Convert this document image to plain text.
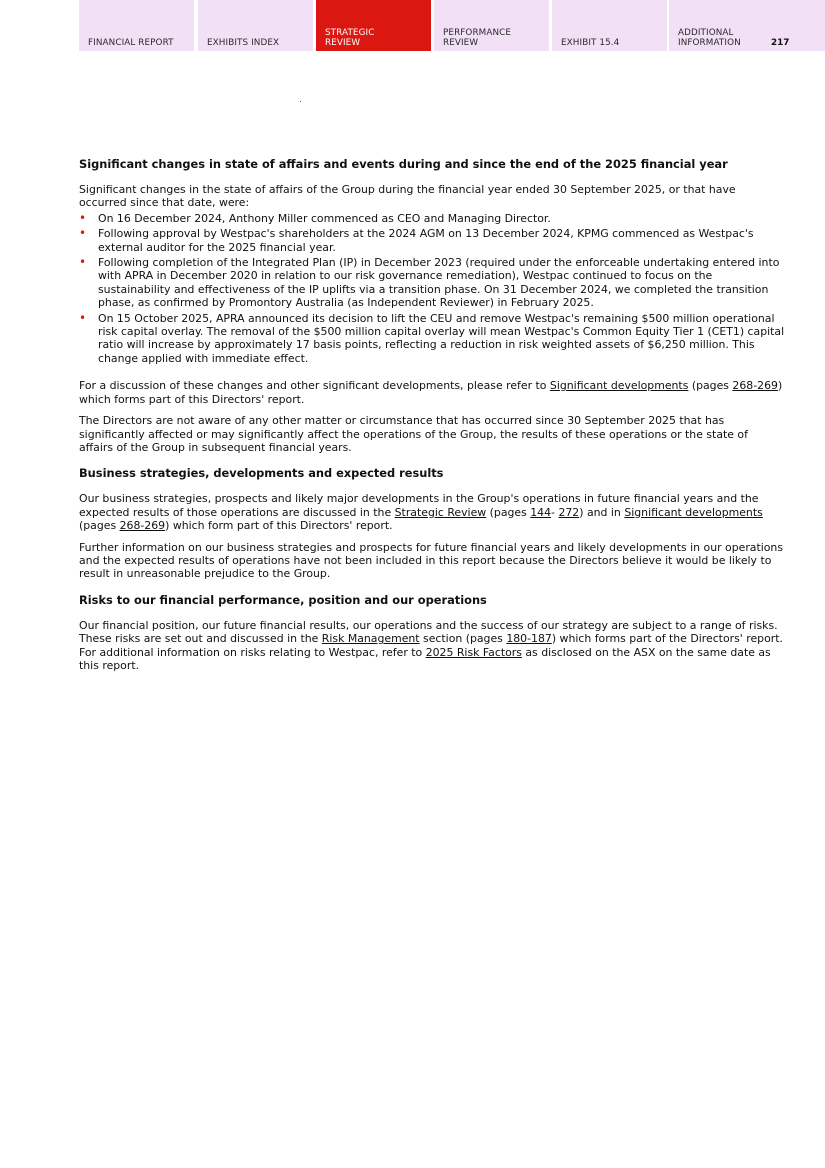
FINANCIAL REPORT	EXHIBITS INDEX
STRATEGIC REVIEW
PERFORMANCE REVIEW	EXHIBIT 15.4
ADDITIONAL INFORMATION	217
Significant changes in state of affairs and events during and since the end of the 2025 financial year

Significant changes in the state of affairs of the Group during the financial year ended 30 September 2025, or that have occurred since that date, were:

• On 16 December 2024, Anthony Miller commenced as CEO and Managing Director.
• Following approval by Westpac's shareholders at the 2024 AGM on 13 December 2024, KPMG commenced as Westpac's external auditor for the 2025 financial year.
• Following completion of the Integrated Plan (IP) in December 2023 (required under the enforceable undertaking entered into with APRA in December 2020 in relation to our risk governance remediation), Westpac continued to focus on the sustainability and effectiveness of the IP uplifts via a transition phase. On 31 December 2024, we completed the transition phase, as confirmed by Promontory Australia (as Independent Reviewer) in February 2025.
• On 15 October 2025, APRA announced its decision to lift the CEU and remove Westpac's remaining $500 million operational risk capital overlay. The removal of the $500 million capital overlay will mean Westpac's Common Equity Tier 1 (CET1) capital ratio will increase by approximately 17 basis points, reflecting a reduction in risk weighted assets of $6,250 million. This change applied with immediate effect.

For a discussion of these changes and other significant developments, please refer to Significant developments (pages 268-269) which forms part of this Directors' report.

The Directors are not aware of any other matter or circumstance that has occurred since 30 September 2025 that has significantly affected or may significantly affect the operations of the Group, the results of these operations or the state of affairs of the Group in subsequent financial years.

Business strategies, developments and expected results

Our business strategies, prospects and likely major developments in the Group's operations in future financial years and the expected results of those operations are discussed in the Strategic Review (pages 144- 272) and in Significant developments (pages 268-269) which form part of this Directors' report.

Further information on our business strategies and prospects for future financial years and likely developments in our operations and the expected results of operations have not been included in this report because the Directors believe it would be likely to result in unreasonable prejudice to the Group.

Risks to our financial performance, position and our operations

Our financial position, our future financial results, our operations and the success of our strategy are subject to a range of risks. These risks are set out and discussed in the Risk Management section (pages 180-187) which forms part of the Directors' report. For additional information on risks relating to Westpac, refer to 2025 Risk Factors as disclosed on the ASX on the same date as this report.
